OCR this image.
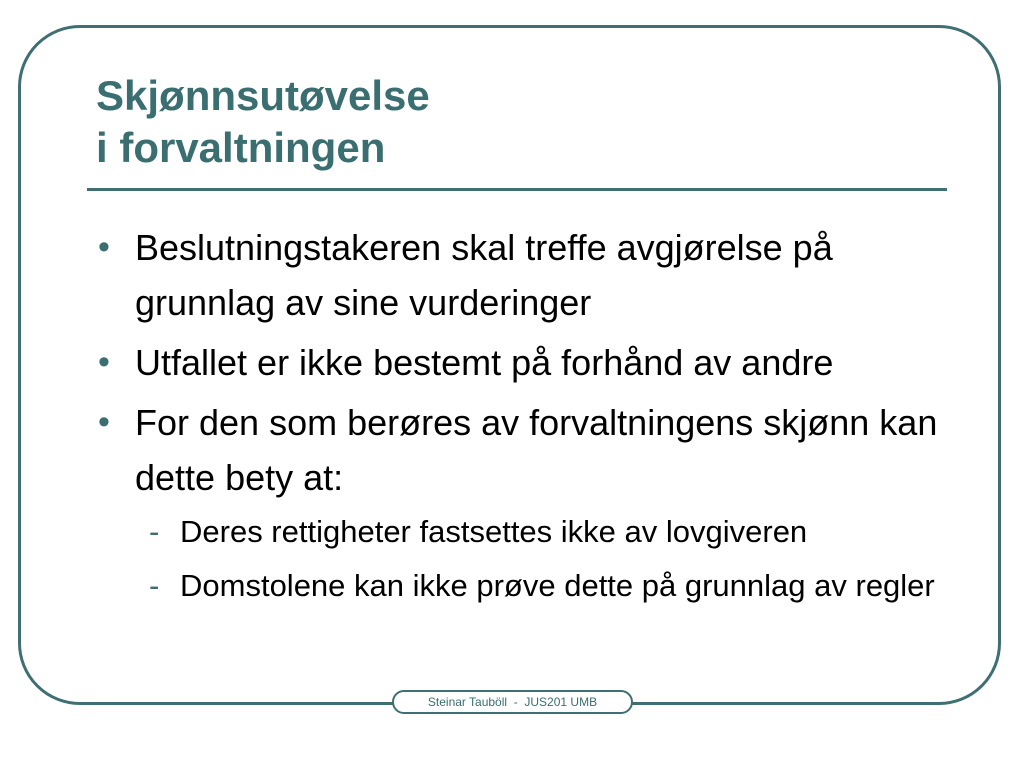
Skjønnsutøvelse
i forvaltningen
• Beslutningstakeren skal treffe avgjørelse på grunnlag av sine vurderinger
• Utfallet er ikke bestemt på forhånd av andre
• For den som berøres av forvaltningens skjønn kan dette bety at:
- Deres rettigheter fastsettes ikke av lovgiveren
- Domstolene kan ikke prøve dette på grunnlag av regler
Steinar Tauböll  -  JUS201 UMB
